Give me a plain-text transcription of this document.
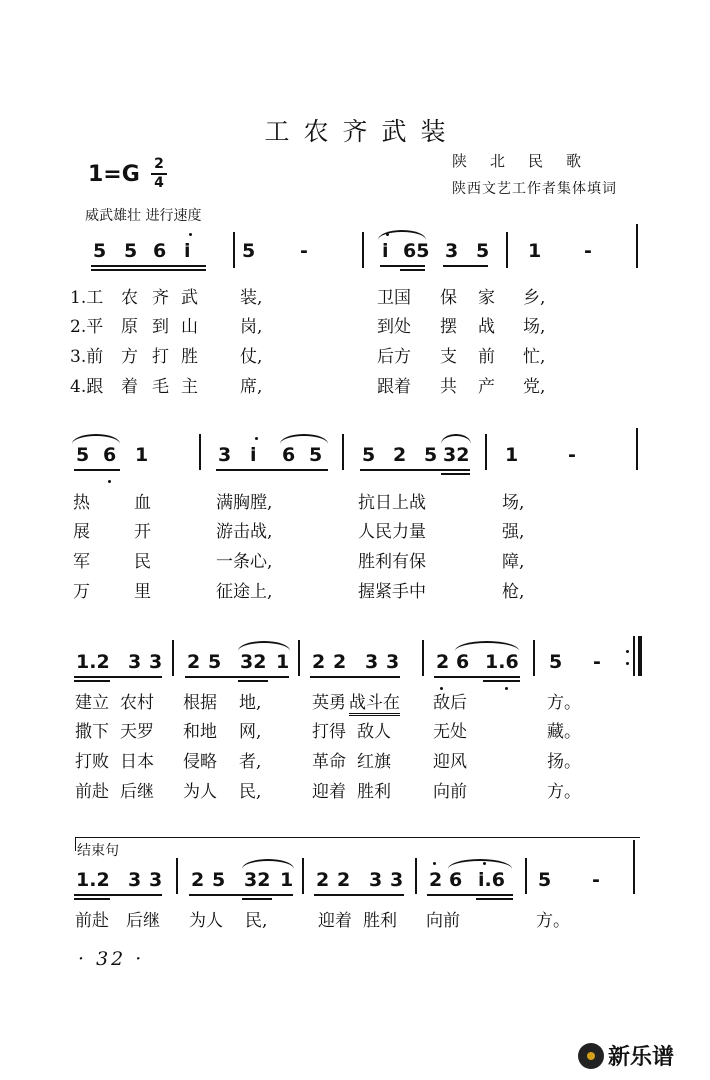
工农齐武装
1=G 2
4
陕北民歌
陕西文艺工作者集体填词
威武雄壮 进行速度
5 5 6 i	5 -	i 65 3 5 1 -
1.工 农 齐 武 装,	卫国 保 家 乡,
2.平 原 到 山 岗,	到处 摆 战 场,
3.前 方 打 胜 仗,	后方 支 前 忙,
4.跟 着 毛 主 席,	跟着 共 产 党,
5 6 1	3 i 6 5 5 2 5 32 1	-
热	血	满胸膛,	抗日上战	场,
展	开	游击战,	人民力量	强,
军	民	一条心,	胜利有保	障,
万	里	征途上,	握紧手中	枪,
1.2 3 3 2 5 32 1 2 2 3 3 2 6 1.6 5 -
建立 农村 根据 地,	英勇 战斗在 敌后	方。
撒下 天罗 和地 网,	打得 敌人 无处	藏。
打败 日本 侵略 者,	革命 红旗 迎风	扬。
前赴 后继 为人 民,	迎着 胜利 向前	方。
结束句
1.2 3 3 2 5 32 1 2 2 3 3 2 6 i.6 5 -
前赴 后继 为人 民,	迎着 胜利 向前	方。
· 32 ·
新乐谱
